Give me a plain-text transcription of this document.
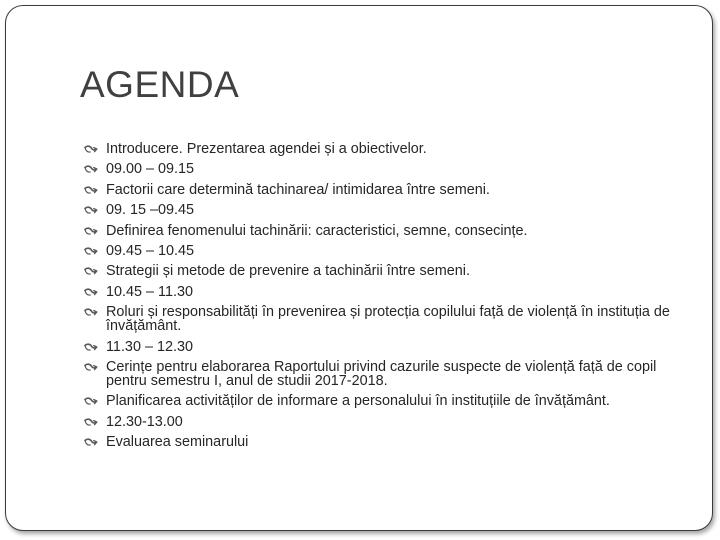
AGENDA
Introducere. Prezentarea agendei și a obiectivelor.
09.00 – 09.15
Factorii care determină tachinarea/ intimidarea între semeni.
09. 15 –09.45
Definirea fenomenului tachinării: caracteristici, semne, consecințe.
09.45 – 10.45
Strategii și metode de prevenire a tachinării între semeni.
10.45 – 11.30
Roluri și responsabilități în prevenirea și protecția copilului față de violență în instituția de învățământ.
11.30 – 12.30
Cerințe pentru elaborarea Raportului privind cazurile suspecte de violență față de copil pentru semestru I, anul de studii 2017-2018.
Planificarea activităților de informare a personalului în instituțiile de învățământ.
12.30-13.00
Evaluarea seminarului
